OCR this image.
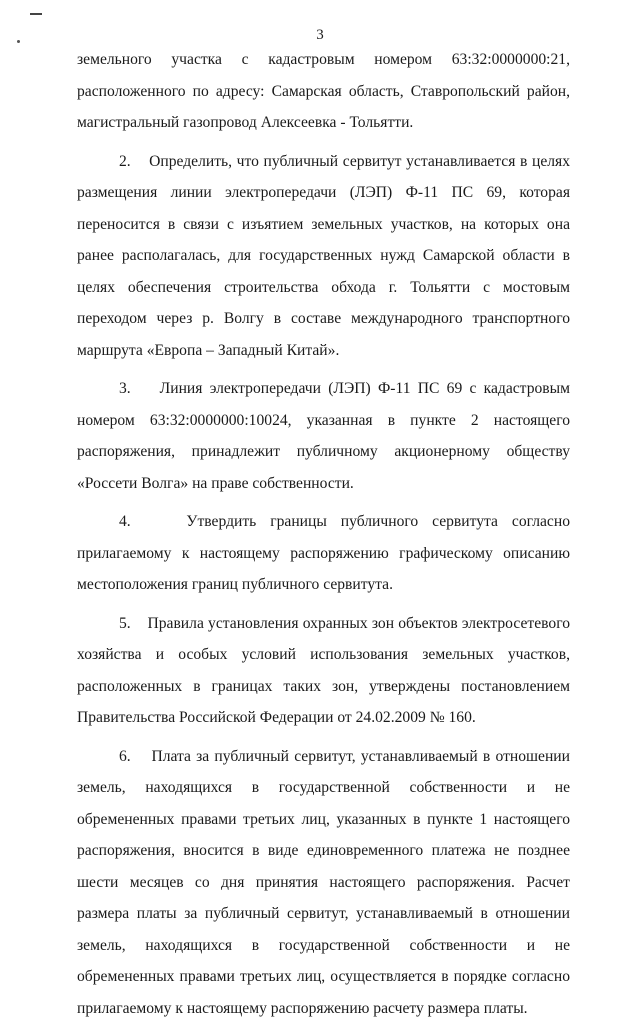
3

земельного участка с кадастровым номером 63:32:0000000:21, расположенного по адресу: Самарская область, Ставропольский район, магистральный газопровод Алексеевка - Тольятти.

2.    Определить, что публичный сервитут устанавливается в целях размещения линии электропередачи (ЛЭП) Ф-11 ПС 69, которая переносится в связи с изъятием земельных участков, на которых она ранее располагалась, для государственных нужд Самарской области в целях обеспечения строительства обхода г. Тольятти с мостовым переходом через р. Волгу в составе международного транспортного маршрута «Европа – Западный Китай».

3.    Линия электропередачи (ЛЭП) Ф-11 ПС 69 с кадастровым номером 63:32:0000000:10024, указанная в пункте 2 настоящего распоряжения, принадлежит публичному акционерному обществу «Россети Волга» на праве собственности.

4.    Утвердить границы публичного сервитута согласно прилагаемому к настоящему распоряжению графическому описанию местоположения границ публичного сервитута.

5.    Правила установления охранных зон объектов электросетевого хозяйства и особых условий использования земельных участков, расположенных в границах таких зон, утверждены постановлением Правительства Российской Федерации от 24.02.2009 № 160.

6.    Плата за публичный сервитут, устанавливаемый в отношении земель, находящихся в государственной собственности и не обремененных правами третьих лиц, указанных в пункте 1 настоящего распоряжения, вносится в виде единовременного платежа не позднее шести месяцев со дня принятия настоящего распоряжения. Расчет размера платы за публичный сервитут, устанавливаемый в отношении земель, находящихся в государственной собственности и не обремененных правами третьих лиц, осуществляется в порядке согласно прилагаемому к настоящему распоряжению расчету размера платы.
